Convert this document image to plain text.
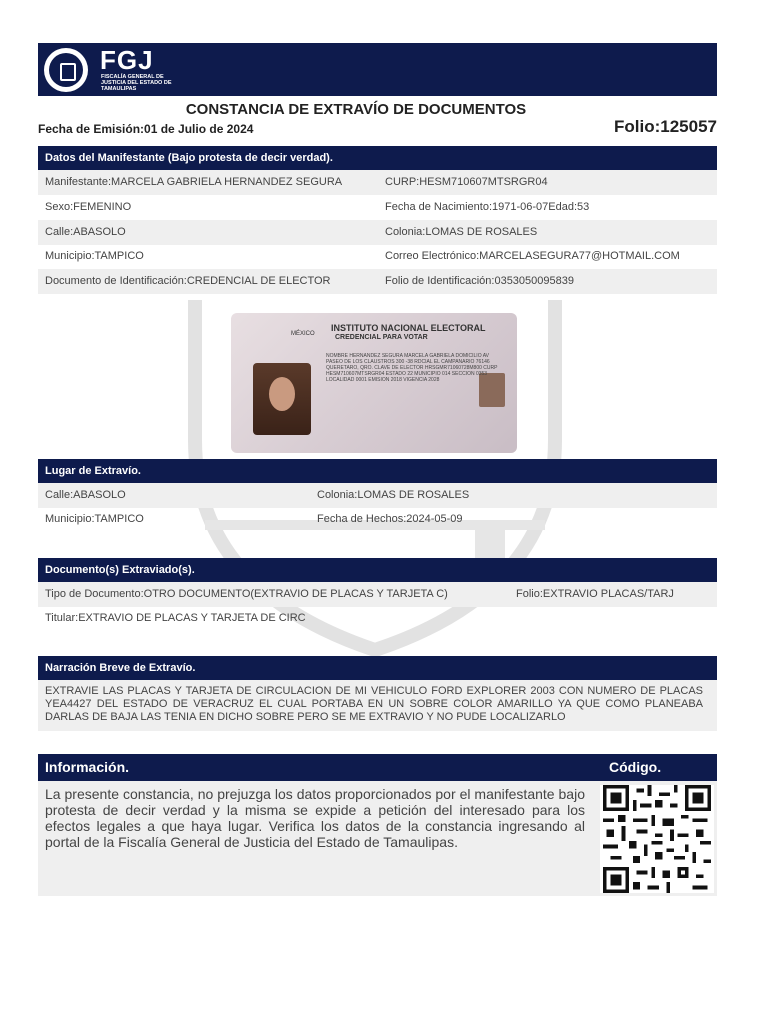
FGJ
FISCALÍA GENERAL DE JUSTICIA DEL ESTADO DE TAMAULIPAS
CONSTANCIA DE EXTRAVÍO DE DOCUMENTOS
Fecha de Emisión:01 de Julio de 2024	Folio:125057
Datos del Manifestante (Bajo protesta de decir verdad).
Manifestante:MARCELA GABRIELA HERNANDEZ SEGURA	CURP:HESM710607MTSRGR04
Sexo:FEMENINO	Fecha de Nacimiento:1971-06-07Edad:53
Calle:ABASOLO	Colonia:LOMAS DE ROSALES
Municipio:TAMPICO	Correo Electrónico:MARCELASEGURA77@HOTMAIL.COM
Documento de Identificación:CREDENCIAL DE ELECTOR	Folio de Identificación:0353050095839
MÉXICO
INSTITUTO NACIONAL ELECTORAL
CREDENCIAL PARA VOTAR
NOMBRE HERNANDEZ SEGURA MARCELA GABRIELA DOMICILIO AV PASEO DE LOS CLAUSTROS 300 -38 RDCIAL EL CAMPANARIO 76146 QUERETARO, QRO. CLAVE DE ELECTOR HRSGMR71060728M800 CURP HESM710607MTSRGR04 ESTADO 22 MUNICIPIO 014 SECCION 0353 LOCALIDAD 0001 EMISION 2018 VIGENCIA 2028
Lugar de Extravío.
Calle:ABASOLO	Colonia:LOMAS DE ROSALES
Municipio:TAMPICO	Fecha de Hechos:2024-05-09
Documento(s) Extraviado(s).
Tipo de Documento:OTRO DOCUMENTO(EXTRAVIO DE PLACAS Y TARJETA C)	Folio:EXTRAVIO PLACAS/TARJ
Titular:EXTRAVIO DE PLACAS Y TARJETA DE CIRC
Narración Breve de Extravío.
EXTRAVIE LAS PLACAS Y TARJETA DE CIRCULACION DE MI VEHICULO FORD EXPLORER 2003 CON NUMERO DE PLACAS YEA4427 DEL ESTADO DE VERACRUZ EL CUAL PORTABA EN UN SOBRE COLOR AMARILLO YA QUE COMO PLANEABA DARLAS DE BAJA LAS TENIA EN DICHO SOBRE PERO SE ME EXTRAVIO Y NO PUDE LOCALIZARLO
Información.	Código.
La presente constancia, no prejuzga los datos proporcionados por el manifestante bajo protesta de decir verdad y la misma se expide a petición del interesado para los efectos legales a que haya lugar. Verifica los datos de la constancia ingresando al portal de la Fiscalía General de Justicia del Estado de Tamaulipas.
